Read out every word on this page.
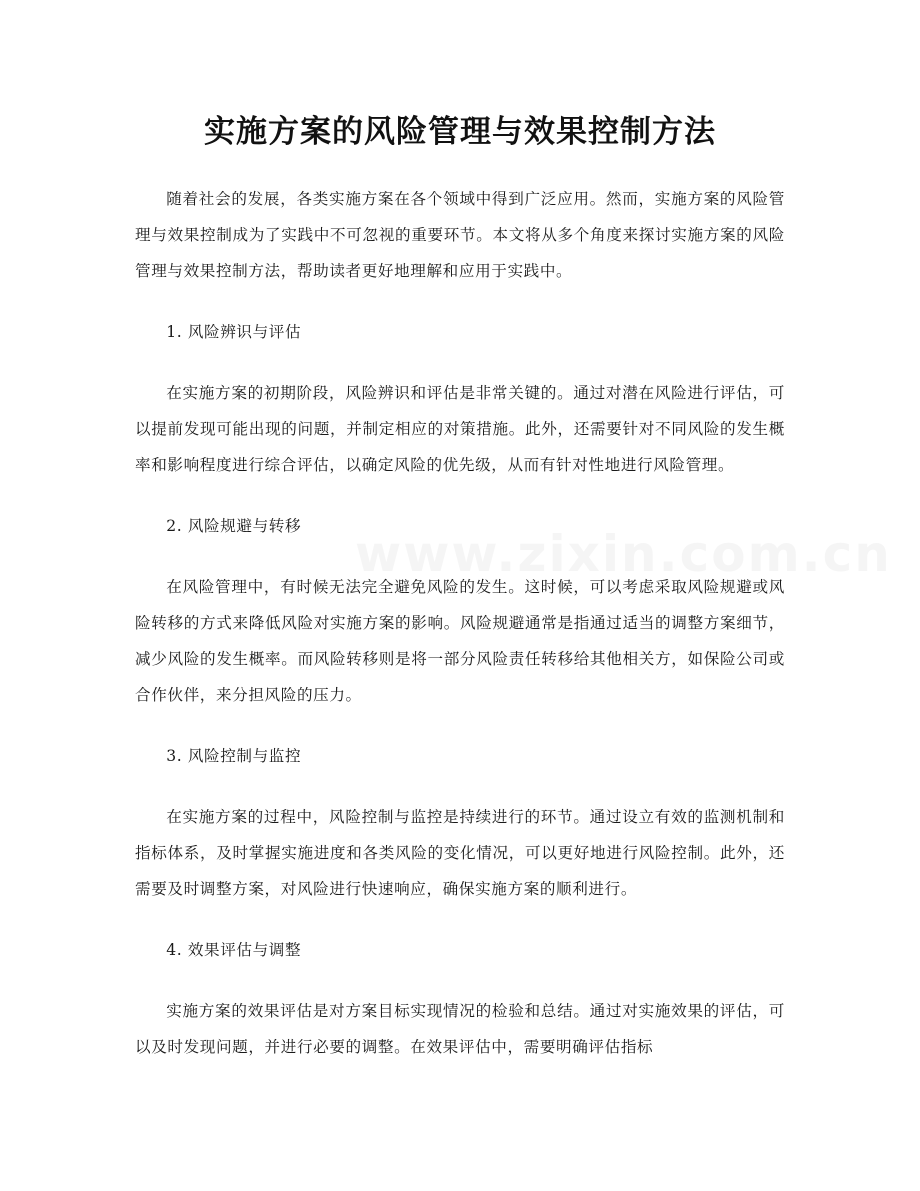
www.zixin.com.cn
实施方案的风险管理与效果控制方法

随着社会的发展，各类实施方案在各个领域中得到广泛应用。然而，实施方案的风险管理与效果控制成为了实践中不可忽视的重要环节。本文将从多个角度来探讨实施方案的风险管理与效果控制方法，帮助读者更好地理解和应用于实践中。

1. 风险辨识与评估

在实施方案的初期阶段，风险辨识和评估是非常关键的。通过对潜在风险进行评估，可以提前发现可能出现的问题，并制定相应的对策措施。此外，还需要针对不同风险的发生概率和影响程度进行综合评估，以确定风险的优先级，从而有针对性地进行风险管理。

2. 风险规避与转移

在风险管理中，有时候无法完全避免风险的发生。这时候，可以考虑采取风险规避或风险转移的方式来降低风险对实施方案的影响。风险规避通常是指通过适当的调整方案细节，减少风险的发生概率。而风险转移则是将一部分风险责任转移给其他相关方，如保险公司或合作伙伴，来分担风险的压力。

3. 风险控制与监控

在实施方案的过程中，风险控制与监控是持续进行的环节。通过设立有效的监测机制和指标体系，及时掌握实施进度和各类风险的变化情况，可以更好地进行风险控制。此外，还需要及时调整方案，对风险进行快速响应，确保实施方案的顺利进行。

4. 效果评估与调整

实施方案的效果评估是对方案目标实现情况的检验和总结。通过对实施效果的评估，可以及时发现问题，并进行必要的调整。在效果评估中，需要明确评估指标
